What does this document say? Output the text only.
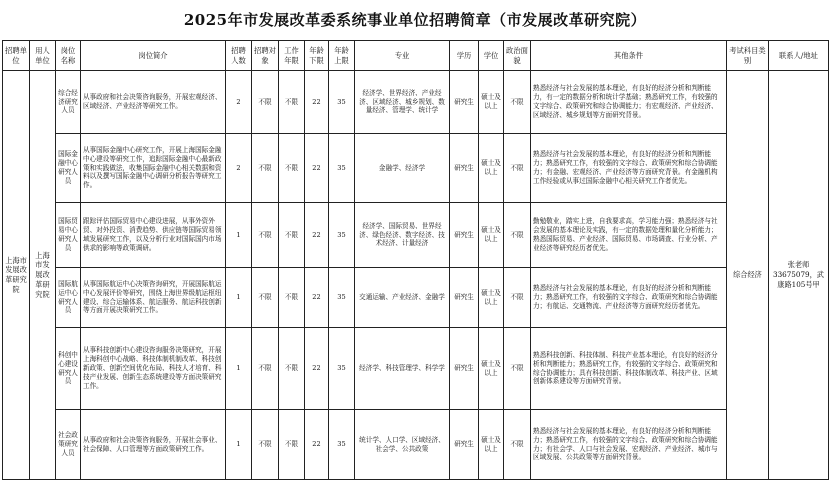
2025年市发展改革委系统事业单位招聘简章（市发展改革研究院）
招聘单位	用人单位	岗位名称	岗位简介	招聘人数	招聘对象	工作年限	年龄下限	年龄上限	专业	学历	学位	政治面貌	其他条件	考试科目类别	联系人/地址
上海市发展改革研究院	上海市发展改革研究院	综合经济研究人员	从事政府和社会决策咨询服务，开展宏观经济、区域经济、产业经济等研究工作。	2	不限	不限	22	35	经济学、世界经济、产业经济、区域经济、城乡规划、数量经济、管理学、统计学	研究生	硕士及以上	不限	熟悉经济与社会发展的基本理论，有良好的经济分析和判断能力，有一定的数据分析和统计学基础；熟悉研究工作，有较强的文字综合、政策研究和综合协调能力；有宏观经济、产业经济、区域经济、城乡规划等方面研究背景。	综合经济	张老师 33675079，武康路105号甲
		国际金融中心研究人员	从事国际金融中心研究工作，开展上海国际金融中心建设等研究工作，追踪国际金融中心最新政策和实践做法，收集国际金融中心相关数据和资料以及撰写国际金融中心调研分析报告等研究工作。	2	不限	不限	22	35	金融学、经济学	研究生	硕士及以上	不限	熟悉经济与社会发展的基本理论，有良好的经济分析和判断能力；熟悉研究工作，有较强的文字综合、政策研究和综合协调能力；有金融、宏观经济、产业经济等方面研究背景。有金融机构工作经验或从事过国际金融中心相关研究工作者优先。		
		国际贸易中心研究人员	跟踪评估国际贸易中心建设进展，从事外资外贸、对外投资、消费趋势、供应链等国际贸易领域发展研究工作，以及分析行业对国际国内市场供求的影响等政策调研。	1	不限	不限	22	35	经济学、国际贸易、世界经济、绿色经济、数字经济、技术经济、计量经济	研究生	硕士及以上	不限	勤勉敬业，踏实上进，自我要求高，学习能力强；熟悉经济与社会发展的基本理论及实践，有一定的数据处理和量化分析能力；熟悉国际贸易、产业经济、国际贸易、市场调查、行业分析、产业经济等研究经历者优先。		
		国际航运中心研究人员	从事国际航运中心决策咨询研究，开展国际航运中心发展评价等研究，围绕上海世界级航运枢纽建设、综合运输体系、航运服务、航运科技创新等方面开展决策研究工作。	1	不限	不限	22	35	交通运输、产业经济、金融学	研究生	硕士及以上	不限	熟悉经济与社会发展的基本理论，有良好的经济分析和判断能力；熟悉研究工作，有较强的文字综合、政策研究和综合协调能力；有航运、交通物流、产业经济等方面研究经历者优先。		
		科创中心建设研究人员	从事科技创新中心建设咨询服务决策研究，开展上海科创中心战略、科技体制机制改革、科技创新政策、创新空间优化布局、科技人才培育、科技产业发展、创新生态系统建设等方面决策研究工作。	1	不限	不限	22	35	经济学、科技管理学、科学学	研究生	硕士及以上	不限	熟悉科技创新、科技体制、科技产业基本理论，有良好的经济分析和判断能力；熟悉研究工作，有较强的文字综合、政策研究和综合协调能力；具有科技创新、科技体制改革、科技产业、区域创新体系建设等方面研究背景。		
		社会政策研究人员	从事政府和社会决策咨询服务，开展社会事业、社会保障、人口管理等方面政策研究工作。	1	不限	不限	22	35	统计学、人口学、区域经济、社会学、公共政策	研究生	硕士及以上	不限	熟悉经济与社会发展的基本理论，有良好的经济分析和判断能力；熟悉研究工作，有较强的文字综合、政策研究和综合协调能力；有社会学、人口与社会发展、宏观经济、产业经济、城市与区域发展、公共政策等方面研究背景。		
